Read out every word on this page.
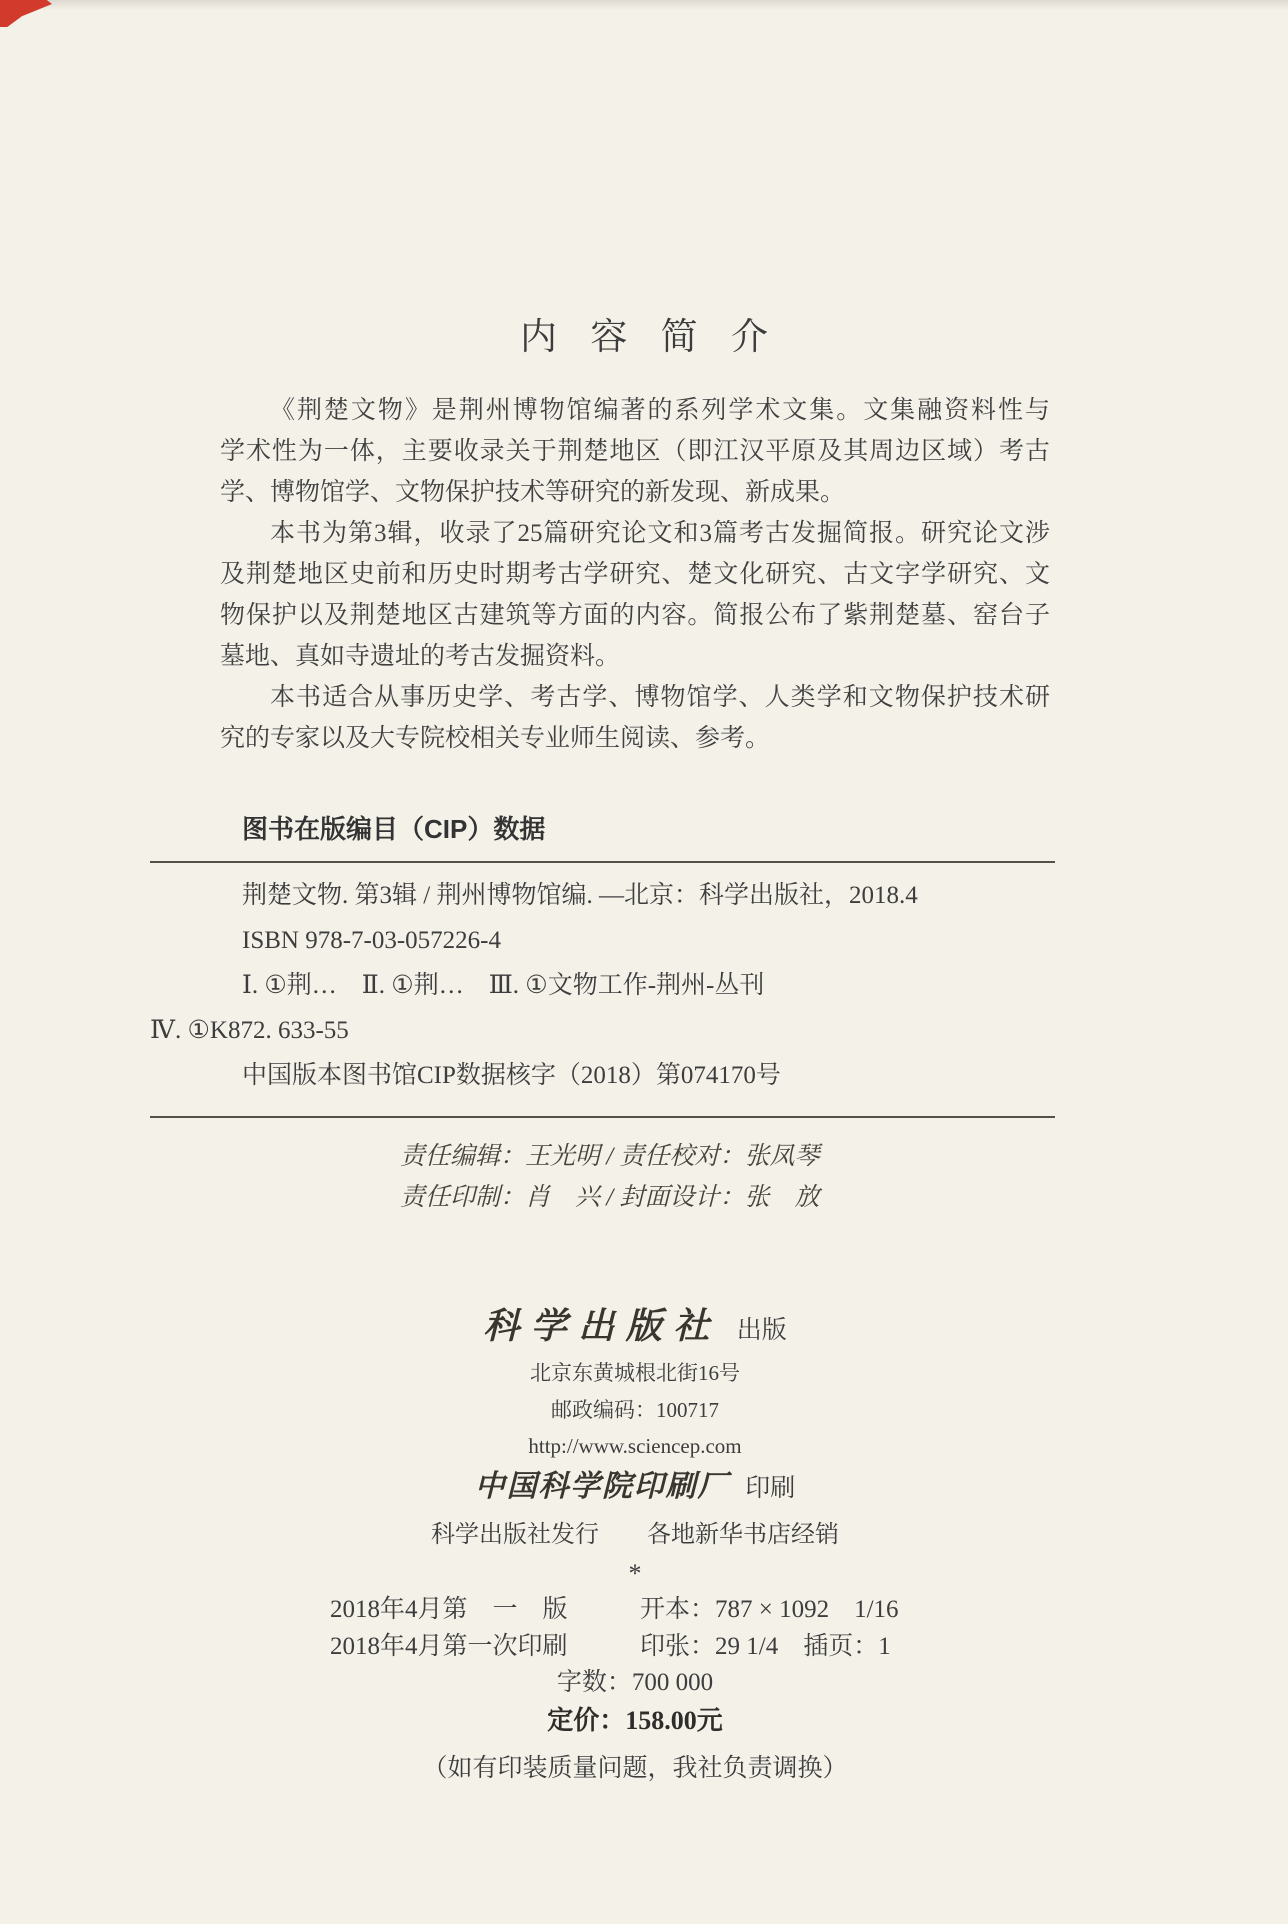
内容简介
《荆楚文物》是荆州博物馆编著的系列学术文集。文集融资料性与
学术性为一体，主要收录关于荆楚地区（即江汉平原及其周边区域）考古
学、博物馆学、文物保护技术等研究的新发现、新成果。
本书为第3辑，收录了25篇研究论文和3篇考古发掘简报。研究论文涉
及荆楚地区史前和历史时期考古学研究、楚文化研究、古文字学研究、文
物保护以及荆楚地区古建筑等方面的内容。简报公布了紫荆楚墓、窑台子
墓地、真如寺遗址的考古发掘资料。
本书适合从事历史学、考古学、博物馆学、人类学和文物保护技术研
究的专家以及大专院校相关专业师生阅读、参考。
图书在版编目（CIP）数据
荆楚文物. 第3辑 / 荆州博物馆编. —北京：科学出版社，2018.4
ISBN 978-7-03-057226-4
Ⅰ. ①荆…　Ⅱ. ①荆…　Ⅲ. ①文物工作-荆州-丛刊
Ⅳ. ①K872. 633-55
中国版本图书馆CIP数据核字（2018）第074170号
责任编辑：王光明 / 责任校对：张凤琴
责任印制：肖　兴 / 封面设计：张　放
科学出版社 出版
北京东黄城根北街16号
邮政编码：100717
http://www.sciencep.com
中国科学院印刷厂 印刷
科学出版社发行　　各地新华书店经销
*
2018年4月第　一　版	开本：787 × 1092　1/16
2018年4月第一次印刷	印张：29 1/4　插页：1
字数：700 000
定价：158.00元
（如有印装质量问题，我社负责调换）
